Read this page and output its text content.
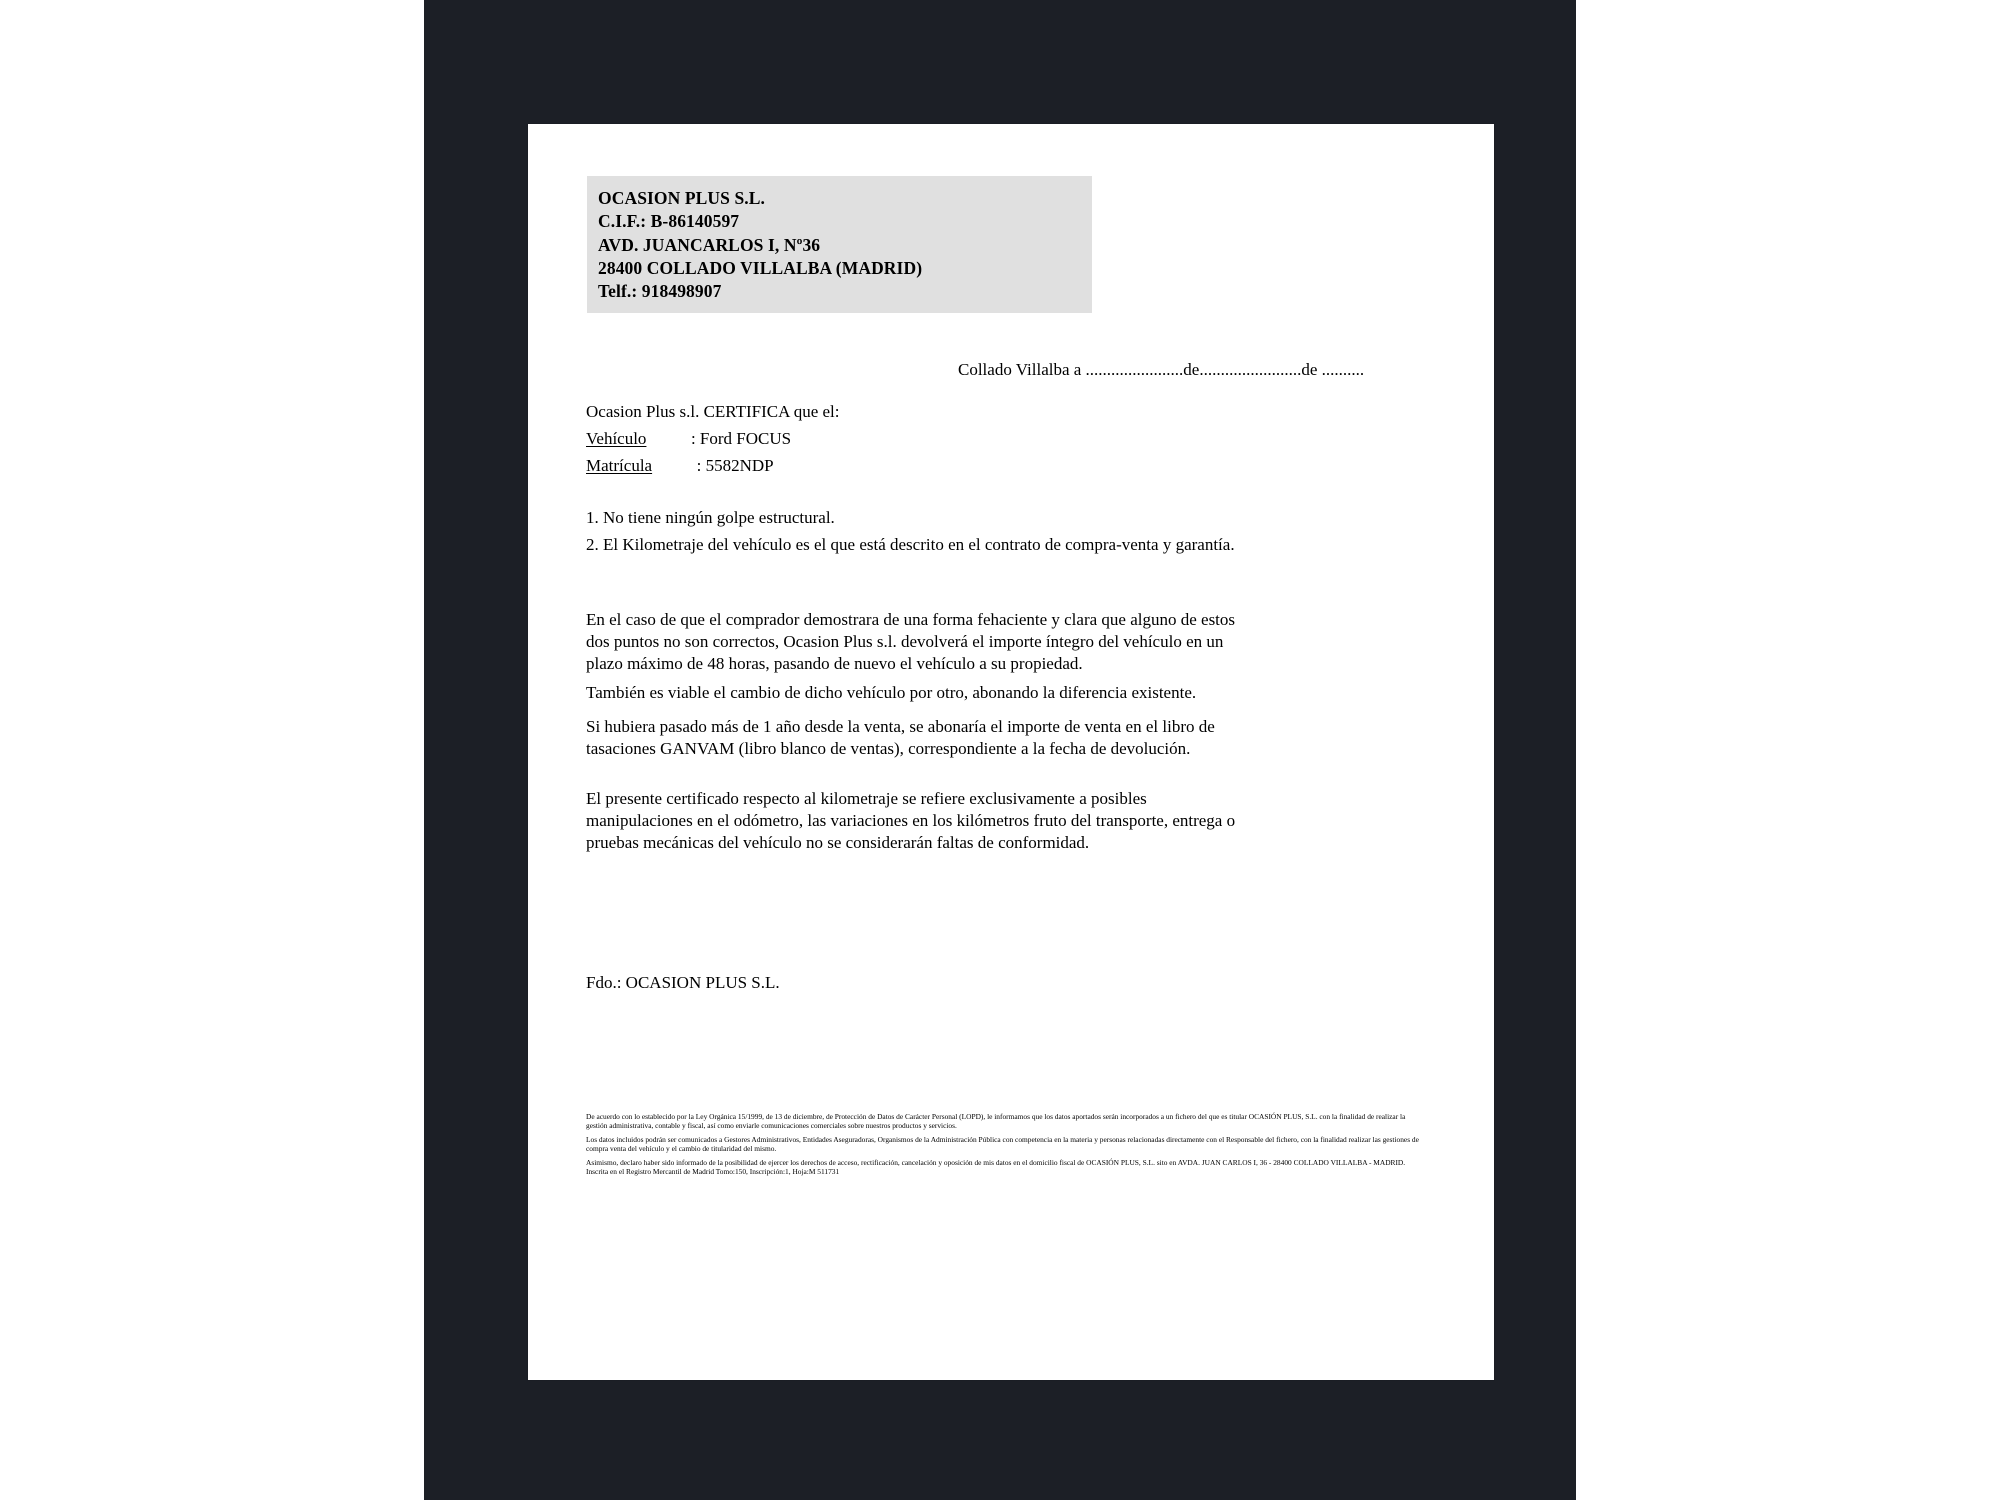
OCASION PLUS S.L.
C.I.F.: B-86140597
AVD. JUANCARLOS I, Nº36
28400 COLLADO VILLALBA (MADRID)
Telf.: 918498907
Collado Villalba a .......................de........................de ..........
Ocasion Plus s.l. CERTIFICA que el:
Vehículo	: Ford FOCUS
Matrícula	: 5582NDP
1. No tiene ningún golpe estructural.
2. El Kilometraje del vehículo es el que está descrito en el contrato de compra-venta y garantía.
En el caso de que el comprador demostrara de una forma fehaciente y clara que alguno de estos dos puntos no son correctos, Ocasion Plus s.l. devolverá el importe íntegro del vehículo en un plazo máximo de 48 horas, pasando de nuevo el vehículo a su propiedad.
También es viable el cambio de dicho vehículo por otro, abonando la diferencia existente.
Si hubiera pasado más de 1 año desde la venta, se abonaría el importe de venta en el libro de tasaciones GANVAM (libro blanco de ventas), correspondiente a la fecha de devolución.
El presente certificado respecto al kilometraje se refiere exclusivamente a posibles manipulaciones en el odómetro, las variaciones en los kilómetros fruto del transporte, entrega o pruebas mecánicas del vehículo no se considerarán faltas de conformidad.
Fdo.: OCASION PLUS S.L.

De acuerdo con lo establecido por la Ley Orgánica 15/1999, de 13 de diciembre, de Protección de Datos de Carácter Personal (LOPD), le informamos que los datos aportados serán incorporados a un fichero del que es titular OCASIÓN PLUS, S.L. con la finalidad de realizar la gestión administrativa, contable y fiscal, así como enviarle comunicaciones comerciales sobre nuestros productos y servicios.

Los datos incluidos podrán ser comunicados a Gestores Administrativos, Entidades Aseguradoras, Organismos de la Administración Pública con competencia en la materia y personas relacionadas directamente con el Responsable del fichero, con la finalidad realizar las gestiones de compra venta del vehículo y el cambio de titularidad del mismo.

Asimismo, declaro haber sido informado de la posibilidad de ejercer los derechos de acceso, rectificación, cancelación y oposición de mis datos en el domicilio fiscal de OCASIÓN PLUS, S.L. sito en AVDA. JUAN CARLOS I, 36 - 28400 COLLADO VILLALBA - MADRID. Inscrita en el Registro Mercantil de Madrid Tomo:150, Inscripción:1, Hoja:M 511731
